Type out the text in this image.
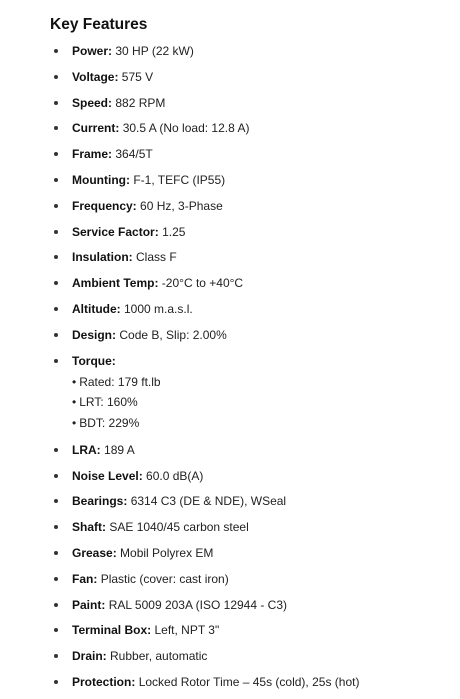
Key Features
Power: 30 HP (22 kW)
Voltage: 575 V
Speed: 882 RPM
Current: 30.5 A (No load: 12.8 A)
Frame: 364/5T
Mounting: F-1, TEFC (IP55)
Frequency: 60 Hz, 3-Phase
Service Factor: 1.25
Insulation: Class F
Ambient Temp: -20°C to +40°C
Altitude: 1000 m.a.s.l.
Design: Code B, Slip: 2.00%
Torque:
• Rated: 179 ft.lb
• LRT: 160%
• BDT: 229%
LRA: 189 A
Noise Level: 60.0 dB(A)
Bearings: 6314 C3 (DE & NDE), WSeal
Shaft: SAE 1040/45 carbon steel
Grease: Mobil Polyrex EM
Fan: Plastic (cover: cast iron)
Paint: RAL 5009 203A (ISO 12944 - C3)
Terminal Box: Left, NPT 3"
Drain: Rubber, automatic
Protection: Locked Rotor Time – 45s (cold), 25s (hot)
